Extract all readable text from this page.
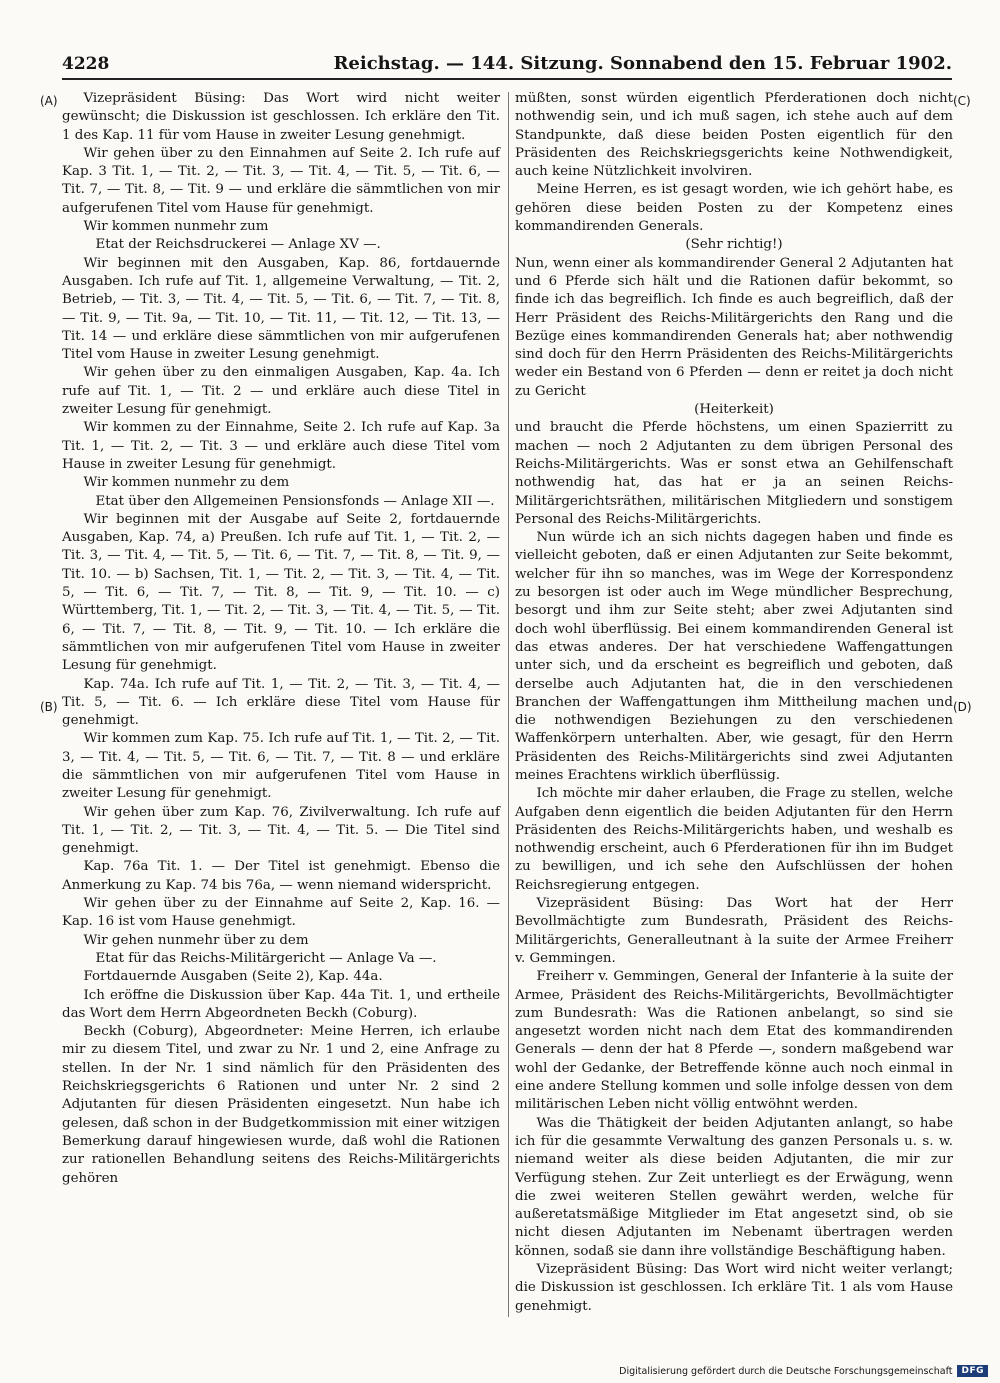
4228	Reichstag. — 144. Sitzung. Sonnabend den 15. Februar 1902.
(A)
(B)
(C)
(D)

Vizepräsident Büsing: Das Wort wird nicht weiter gewünscht; die Diskussion ist geschlossen. Ich erkläre den Tit. 1 des Kap. 11 für vom Hause in zweiter Lesung genehmigt.

Wir gehen über zu den Einnahmen auf Seite 2. Ich rufe auf Kap. 3 Tit. 1, — Tit. 2, — Tit. 3, — Tit. 4, — Tit. 5, — Tit. 6, — Tit. 7, — Tit. 8, — Tit. 9 — und erkläre die sämmtlichen von mir aufgerufenen Titel vom Hause für genehmigt.

Wir kommen nunmehr zum

Etat der Reichsdruckerei — Anlage XV —.

Wir beginnen mit den Ausgaben, Kap. 86, fortdauernde Ausgaben. Ich rufe auf Tit. 1, allgemeine Verwaltung, — Tit. 2, Betrieb, — Tit. 3, — Tit. 4, — Tit. 5, — Tit. 6, — Tit. 7, — Tit. 8, — Tit. 9, — Tit. 9a, — Tit. 10, — Tit. 11, — Tit. 12, — Tit. 13, — Tit. 14 — und erkläre diese sämmtlichen von mir aufgerufenen Titel vom Hause in zweiter Lesung genehmigt.

Wir gehen über zu den einmaligen Ausgaben, Kap. 4a. Ich rufe auf Tit. 1, — Tit. 2 — und erkläre auch diese Titel in zweiter Lesung für genehmigt.

Wir kommen zu der Einnahme, Seite 2. Ich rufe auf Kap. 3a Tit. 1, — Tit. 2, — Tit. 3 — und erkläre auch diese Titel vom Hause in zweiter Lesung für genehmigt.

Wir kommen nunmehr zu dem

Etat über den Allgemeinen Pensionsfonds — Anlage XII —.

Wir beginnen mit der Ausgabe auf Seite 2, fortdauernde Ausgaben, Kap. 74, a) Preußen. Ich rufe auf Tit. 1, — Tit. 2, — Tit. 3, — Tit. 4, — Tit. 5, — Tit. 6, — Tit. 7, — Tit. 8, — Tit. 9, — Tit. 10. — b) Sachsen, Tit. 1, — Tit. 2, — Tit. 3, — Tit. 4, — Tit. 5, — Tit. 6, — Tit. 7, — Tit. 8, — Tit. 9, — Tit. 10. — c) Württemberg, Tit. 1, — Tit. 2, — Tit. 3, — Tit. 4, — Tit. 5, — Tit. 6, — Tit. 7, — Tit. 8, — Tit. 9, — Tit. 10. — Ich erkläre die sämmtlichen von mir aufgerufenen Titel vom Hause in zweiter Lesung für genehmigt.

Kap. 74a. Ich rufe auf Tit. 1, — Tit. 2, — Tit. 3, — Tit. 4, — Tit. 5, — Tit. 6. — Ich erkläre diese Titel vom Hause für genehmigt.

Wir kommen zum Kap. 75. Ich rufe auf Tit. 1, — Tit. 2, — Tit. 3, — Tit. 4, — Tit. 5, — Tit. 6, — Tit. 7, — Tit. 8 — und erkläre die sämmtlichen von mir aufgerufenen Titel vom Hause in zweiter Lesung für genehmigt.

Wir gehen über zum Kap. 76, Zivilverwaltung. Ich rufe auf Tit. 1, — Tit. 2, — Tit. 3, — Tit. 4, — Tit. 5. — Die Titel sind genehmigt.

Kap. 76a Tit. 1. — Der Titel ist genehmigt. Ebenso die Anmerkung zu Kap. 74 bis 76a, — wenn niemand widerspricht.

Wir gehen über zu der Einnahme auf Seite 2, Kap. 16. — Kap. 16 ist vom Hause genehmigt.

Wir gehen nunmehr über zu dem

Etat für das Reichs-Militärgericht — Anlage Va —.

Fortdauernde Ausgaben (Seite 2), Kap. 44a.

Ich eröffne die Diskussion über Kap. 44a Tit. 1, und ertheile das Wort dem Herrn Abgeordneten Beckh (Coburg).

Beckh (Coburg), Abgeordneter: Meine Herren, ich erlaube mir zu diesem Titel, und zwar zu Nr. 1 und 2, eine Anfrage zu stellen. In der Nr. 1 sind nämlich für den Präsidenten des Reichskriegsgerichts 6 Rationen und unter Nr. 2 sind 2 Adjutanten für diesen Präsidenten eingesetzt. Nun habe ich gelesen, daß schon in der Budgetkommission mit einer witzigen Bemerkung darauf hingewiesen wurde, daß wohl die Rationen zur rationellen Behandlung seitens des Reichs-Militärgerichts gehören

müßten, sonst würden eigentlich Pferderationen doch nicht nothwendig sein, und ich muß sagen, ich stehe auch auf dem Standpunkte, daß diese beiden Posten eigentlich für den Präsidenten des Reichskriegsgerichts keine Nothwendigkeit, auch keine Nützlichkeit involviren.

Meine Herren, es ist gesagt worden, wie ich gehört habe, es gehören diese beiden Posten zu der Kompetenz eines kommandirenden Generals.

(Sehr richtig!)

Nun, wenn einer als kommandirender General 2 Adjutanten hat und 6 Pferde sich hält und die Rationen dafür bekommt, so finde ich das begreiflich. Ich finde es auch begreiflich, daß der Herr Präsident des Reichs-Militärgerichts den Rang und die Bezüge eines kommandirenden Generals hat; aber nothwendig sind doch für den Herrn Präsidenten des Reichs-Militärgerichts weder ein Bestand von 6 Pferden — denn er reitet ja doch nicht zu Gericht

(Heiterkeit)

und braucht die Pferde höchstens, um einen Spazierritt zu machen — noch 2 Adjutanten zu dem übrigen Personal des Reichs-Militärgerichts. Was er sonst etwa an Gehilfenschaft nothwendig hat, das hat er ja an seinen Reichs-Militärgerichtsräthen, militärischen Mitgliedern und sonstigem Personal des Reichs-Militärgerichts.

Nun würde ich an sich nichts dagegen haben und finde es vielleicht geboten, daß er einen Adjutanten zur Seite bekommt, welcher für ihn so manches, was im Wege der Korrespondenz zu besorgen ist oder auch im Wege mündlicher Besprechung, besorgt und ihm zur Seite steht; aber zwei Adjutanten sind doch wohl überflüssig. Bei einem kommandirenden General ist das etwas anderes. Der hat verschiedene Waffengattungen unter sich, und da erscheint es begreiflich und geboten, daß derselbe auch Adjutanten hat, die in den verschiedenen Branchen der Waffengattungen ihm Mittheilung machen und die nothwendigen Beziehungen zu den verschiedenen Waffenkörpern unterhalten. Aber, wie gesagt, für den Herrn Präsidenten des Reichs-Militärgerichts sind zwei Adjutanten meines Erachtens wirklich überflüssig.

Ich möchte mir daher erlauben, die Frage zu stellen, welche Aufgaben denn eigentlich die beiden Adjutanten für den Herrn Präsidenten des Reichs-Militärgerichts haben, und weshalb es nothwendig erscheint, auch 6 Pferderationen für ihn im Budget zu bewilligen, und ich sehe den Aufschlüssen der hohen Reichsregierung entgegen.

Vizepräsident Büsing: Das Wort hat der Herr Bevollmächtigte zum Bundesrath, Präsident des Reichs-Militärgerichts, Generalleutnant à la suite der Armee Freiherr v. Gemmingen.

Freiherr v. Gemmingen, General der Infanterie à la suite der Armee, Präsident des Reichs-Militärgerichts, Bevollmächtigter zum Bundesrath: Was die Rationen anbelangt, so sind sie angesetzt worden nicht nach dem Etat des kommandirenden Generals — denn der hat 8 Pferde —, sondern maßgebend war wohl der Gedanke, der Betreffende könne auch noch einmal in eine andere Stellung kommen und solle infolge dessen von dem militärischen Leben nicht völlig entwöhnt werden.

Was die Thätigkeit der beiden Adjutanten anlangt, so habe ich für die gesammte Verwaltung des ganzen Personals u. s. w. niemand weiter als diese beiden Adjutanten, die mir zur Verfügung stehen. Zur Zeit unterliegt es der Erwägung, wenn die zwei weiteren Stellen gewährt werden, welche für außeretatsmäßige Mitglieder im Etat angesetzt sind, ob sie nicht diesen Adjutanten im Nebenamt übertragen werden können, sodaß sie dann ihre vollständige Beschäftigung haben.

Vizepräsident Büsing: Das Wort wird nicht weiter verlangt; die Diskussion ist geschlossen. Ich erkläre Tit. 1 als vom Hause genehmigt.

Digitalisierung gefördert durch die Deutsche Forschungsgemeinschaft	DFG
